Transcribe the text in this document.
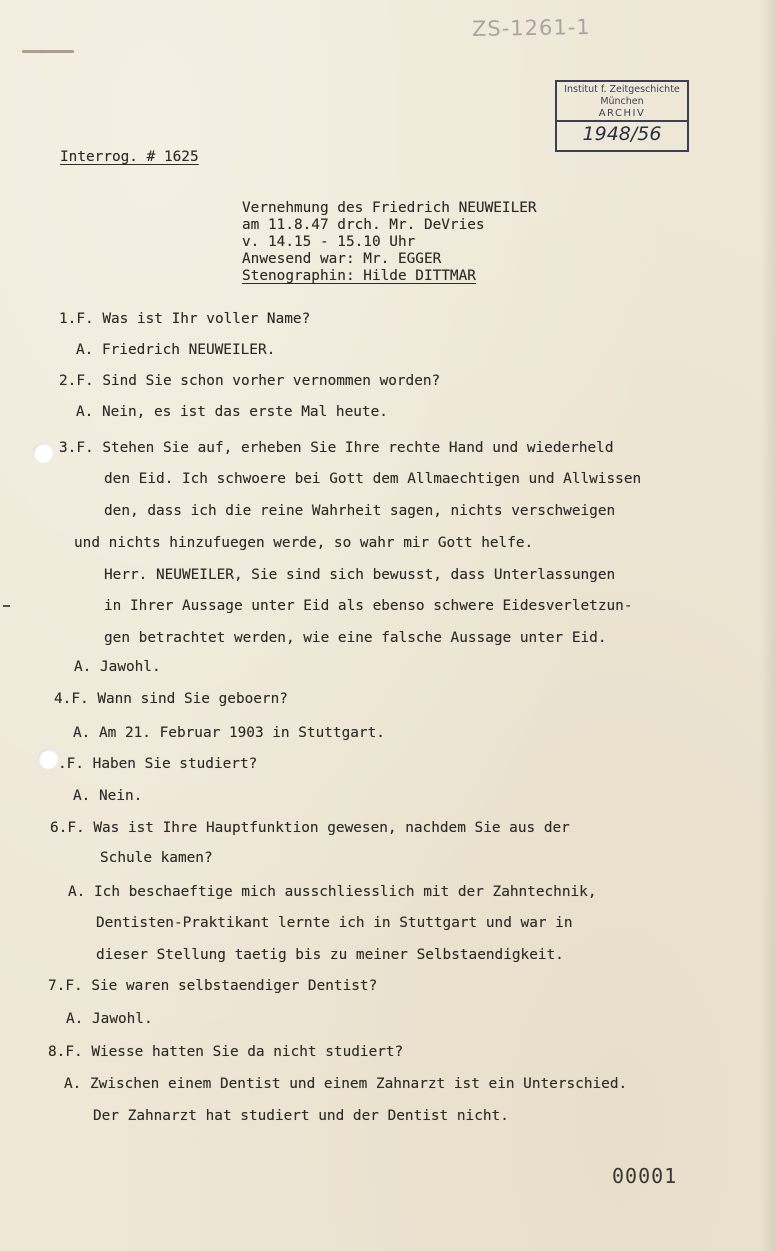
ZS-1261-1
Institut f. Zeitgeschichte
München
ARCHIV
1948/56
Interrog. # 1625
Vernehmung des Friedrich NEUWEILER
am 11.8.47 drch. Mr. DeVries
v. 14.15 - 15.10 Uhr
Anwesend war: Mr. EGGER
Stenographin: Hilde DITTMAR
1.F. Was ist Ihr voller Name?
A. Friedrich NEUWEILER.
2.F. Sind Sie schon vorher vernommen worden?
A. Nein, es ist das erste Mal heute.
3.F. Stehen Sie auf, erheben Sie Ihre rechte Hand und wiederheld
den Eid. Ich schwoere bei Gott dem Allmaechtigen und Allwissen
den, dass ich die reine Wahrheit sagen, nichts verschweigen
und nichts hinzufuegen werde, so wahr mir Gott helfe.
Herr. NEUWEILER, Sie sind sich bewusst, dass Unterlassungen
in Ihrer Aussage unter Eid als ebenso schwere Eidesverletzun-
gen betrachtet werden, wie eine falsche Aussage unter Eid.
A. Jawohl.
4.F. Wann sind Sie geboern?
A. Am 21. Februar 1903 in Stuttgart.
.F. Haben Sie studiert?
A. Nein.
6.F. Was ist Ihre Hauptfunktion gewesen, nachdem Sie aus der
Schule kamen?
A. Ich beschaeftige mich ausschliesslich mit der Zahntechnik,
Dentisten-Praktikant lernte ich in Stuttgart und war in
dieser Stellung taetig bis zu meiner Selbstaendigkeit.
7.F. Sie waren selbstaendiger Dentist?
A. Jawohl.
8.F. Wiesse hatten Sie da nicht studiert?
A. Zwischen einem Dentist und einem Zahnarzt ist ein Unterschied.
Der Zahnarzt hat studiert und der Dentist nicht.
00001
